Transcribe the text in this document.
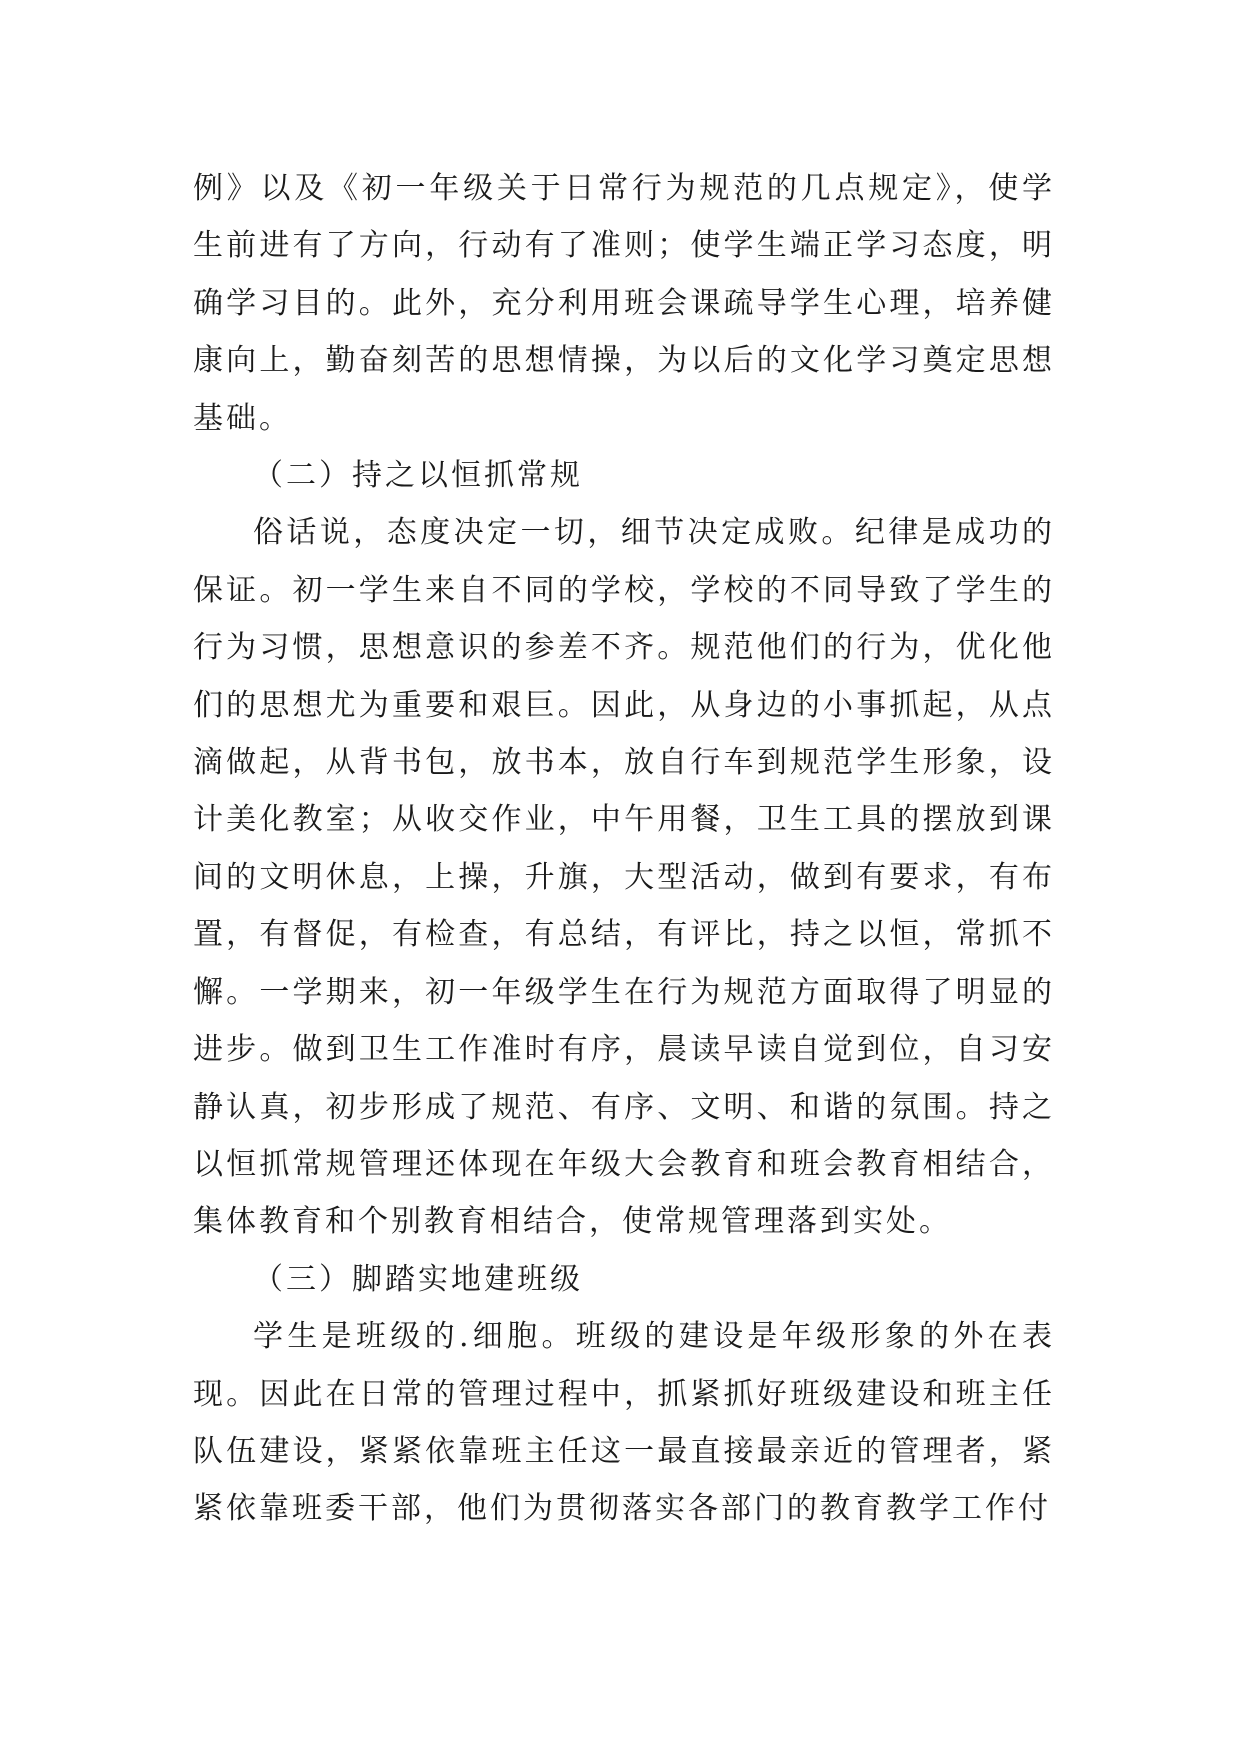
例》以及《初一年级关于日常行为规范的几点规定》，使学生前进有了方向，行动有了准则；使学生端正学习态度，明确学习目的。此外，充分利用班会课疏导学生心理，培养健康向上，勤奋刻苦的思想情操，为以后的文化学习奠定思想基础。

（二）持之以恒抓常规

俗话说，态度决定一切，细节决定成败。纪律是成功的保证。初一学生来自不同的学校，学校的不同导致了学生的行为习惯，思想意识的参差不齐。规范他们的行为，优化他们的思想尤为重要和艰巨。因此，从身边的小事抓起，从点滴做起，从背书包，放书本，放自行车到规范学生形象，设计美化教室；从收交作业，中午用餐，卫生工具的摆放到课间的文明休息，上操，升旗，大型活动，做到有要求，有布置，有督促，有检查，有总结，有评比，持之以恒，常抓不懈。一学期来，初一年级学生在行为规范方面取得了明显的进步。做到卫生工作准时有序，晨读早读自觉到位，自习安静认真，初步形成了规范、有序、文明、和谐的氛围。持之以恒抓常规管理还体现在年级大会教育和班会教育相结合，集体教育和个别教育相结合，使常规管理落到实处。

（三）脚踏实地建班级

学生是班级的.细胞。班级的建设是年级形象的外在表现。因此在日常的管理过程中，抓紧抓好班级建设和班主任队伍建设，紧紧依靠班主任这一最直接最亲近的管理者，紧紧依靠班委干部，他们为贯彻落实各部门的教育教学工作付
